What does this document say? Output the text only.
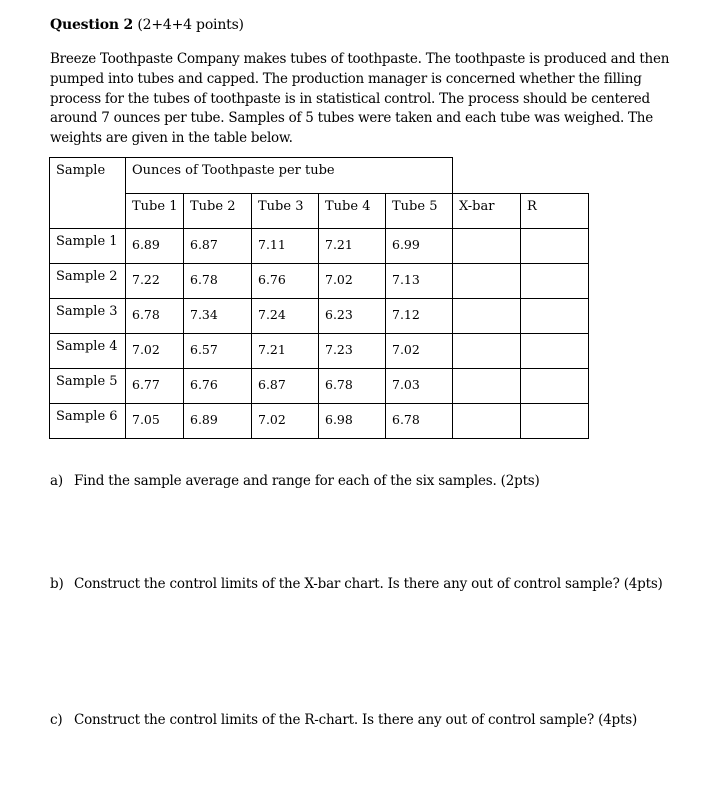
Question 2 (2+4+4 points)
Breeze Toothpaste Company makes tubes of toothpaste. The toothpaste is produced and then
pumped into tubes and capped. The production manager is concerned whether the filling
process for the tubes of toothpaste is in statistical control. The process should be centered
around 7 ounces per tube. Samples of 5 tubes were taken and each tube was weighed. The
weights are given in the table below.
Sample	Ounces of Toothpaste per tube						

	Tube 1	Tube 2	Tube 3	Tube 4	Tube 5	X-bar	R

Sample 1	6.89	6.87	7.11	7.21	6.99		

Sample 2	7.22	6.78	6.76	7.02	7.13		

Sample 3	6.78	7.34	7.24	6.23	7.12		

Sample 4	7.02	6.57	7.21	7.23	7.02		

Sample 5	6.77	6.76	6.87	6.78	7.03		

Sample 6	7.05	6.89	7.02	6.98	6.78		

a) Find the sample average and range for each of the six samples. (2pts)
b) Construct the control limits of the X-bar chart. Is there any out of control sample? (4pts)
c) Construct the control limits of the R-chart. Is there any out of control sample? (4pts)
